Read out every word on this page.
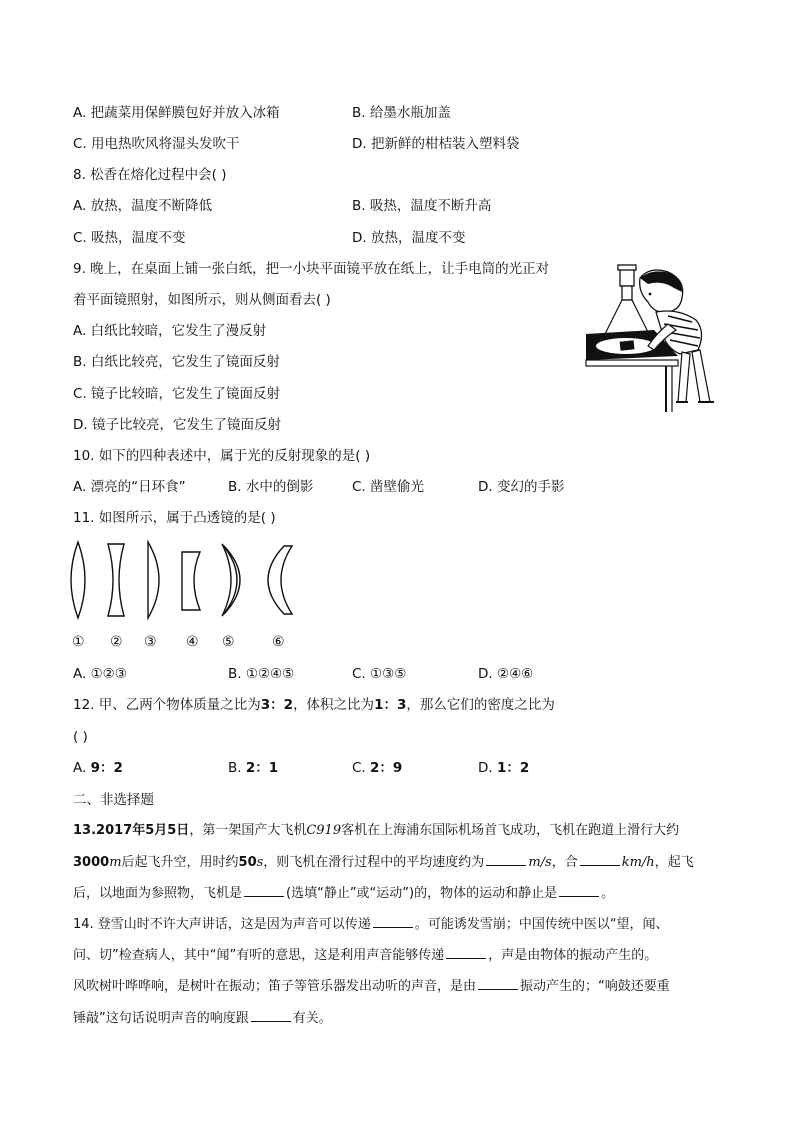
A. 把蔬菜用保鲜膜包好并放入冰箱	B. 给墨水瓶加盖
C. 用电热吹风将湿头发吹干	D. 把新鲜的柑桔装入塑料袋
8. 松香在熔化过程中会( )
A. 放热，温度不断降低	B. 吸热，温度不断升高
C. 吸热，温度不变	D. 放热，温度不变
9. 晚上，在桌面上铺一张白纸，把一小块平面镜平放在纸上，让手电筒的光正对
着平面镜照射，如图所示，则从侧面看去( )
A. 白纸比较暗，它发生了漫反射
B. 白纸比较亮，它发生了镜面反射
C. 镜子比较暗，它发生了镜面反射
D. 镜子比较亮，它发生了镜面反射
10. 如下的四种表述中，属于光的反射现象的是( )
A. 漂亮的“日环食”	B. 水中的倒影	C. 凿壁偷光	D. 变幻的手影
11. 如图所示，属于凸透镜的是( )
① ② ③ ④ ⑤	⑥
A. ①②③	B. ①②④⑤	C. ①③⑤	D. ②④⑥
12. 甲、乙两个物体质量之比为3：2，体积之比为1：3，那么它们的密度之比为
( )
A. 9：2	B. 2：1	C. 2：9	D. 1：2
二、非选择题
13.2017年5月5日，第一架国产大飞机C919客机在上海浦东国际机场首飞成功，飞机在跑道上滑行大约
3000m后起飞升空，用时约50s，则飞机在滑行过程中的平均速度约为	m/s，合	km/h，起飞
后，以地面为参照物，飞机是	(选填“静止”或“运动”)的，物体的运动和静止是	。
14. 登雪山时不许大声讲话，这是因为声音可以传递	。可能诱发雪崩；中国传统中医以“望，闻、
问、切”检查病人，其中“闻”有听的意思，这是利用声音能够传递	，声是由物体的振动产生的。
风吹树叶哗哗响，是树叶在振动；笛子等管乐器发出动听的声音，是由	振动产生的；“响鼓还要重
锤敲”这句话说明声音的响度跟	有关。
